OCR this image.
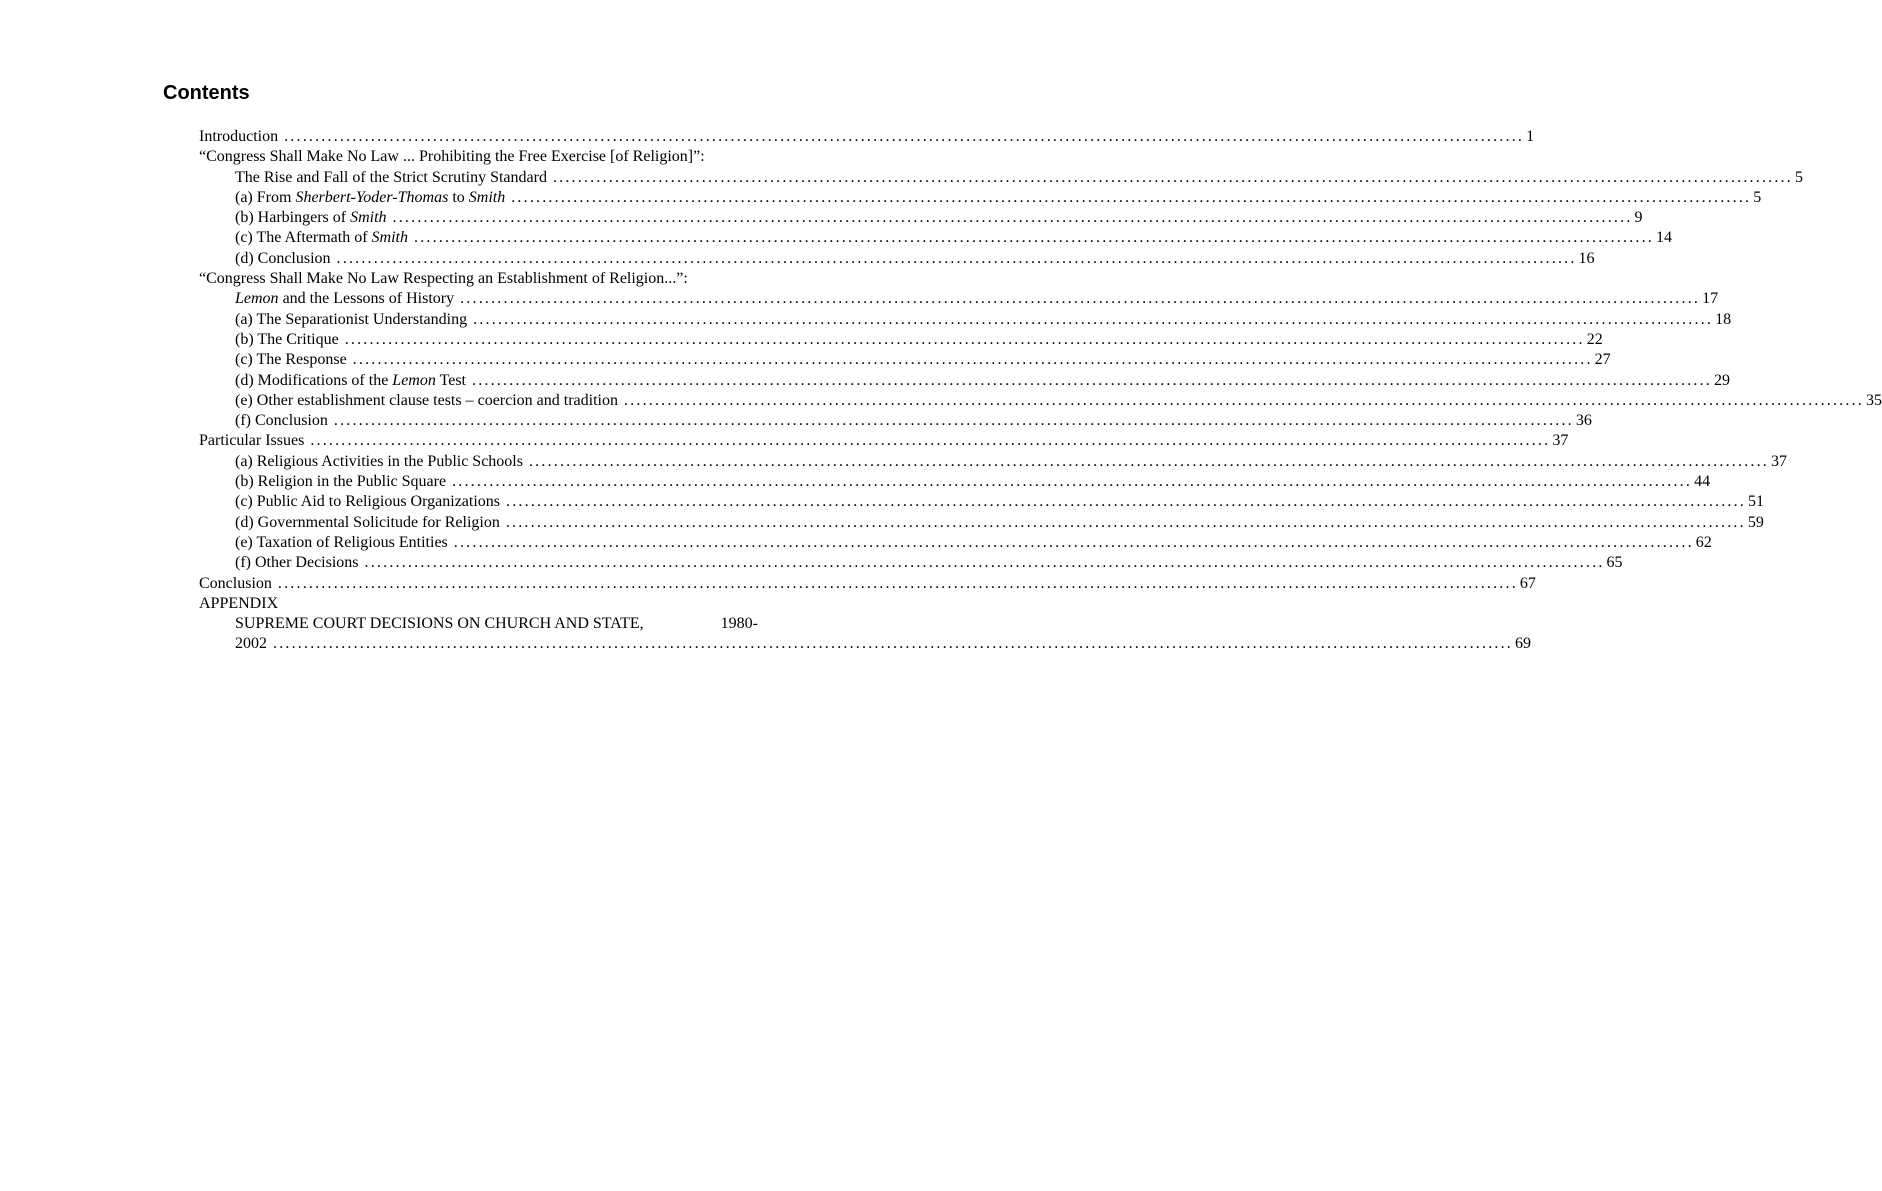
Contents
Introduction ........................................................................................................................................................................................................ 1
“Congress Shall Make No Law ... Prohibiting the Free Exercise [of Religion]”:
The Rise and Fall of the Strict Scrutiny Standard ........................................................................................................................................................................................................ 5
(a) From Sherbert-Yoder-Thomas to Smith ........................................................................................................................................................................................................ 5
(b) Harbingers of Smith ........................................................................................................................................................................................................ 9
(c) The Aftermath of Smith ........................................................................................................................................................................................................ 14
(d) Conclusion ........................................................................................................................................................................................................ 16
“Congress Shall Make No Law Respecting an Establishment of Religion...”:
Lemon and the Lessons of History ........................................................................................................................................................................................................ 17
(a) The Separationist Understanding ........................................................................................................................................................................................................ 18
(b) The Critique ........................................................................................................................................................................................................ 22
(c) The Response ........................................................................................................................................................................................................ 27
(d) Modifications of the Lemon Test ........................................................................................................................................................................................................ 29
(e) Other establishment clause tests – coercion and tradition ........................................................................................................................................................................................................ 35
(f) Conclusion ........................................................................................................................................................................................................ 36
Particular Issues ........................................................................................................................................................................................................ 37
(a) Religious Activities in the Public Schools ........................................................................................................................................................................................................ 37
(b) Religion in the Public Square ........................................................................................................................................................................................................ 44
(c) Public Aid to Religious Organizations ........................................................................................................................................................................................................ 51
(d) Governmental Solicitude for Religion ........................................................................................................................................................................................................ 59
(e) Taxation of Religious Entities ........................................................................................................................................................................................................ 62
(f) Other Decisions ........................................................................................................................................................................................................ 65
Conclusion ........................................................................................................................................................................................................ 67
APPENDIX
SUPREME COURT DECISIONS ON CHURCH AND STATE,	1980-
2002 ........................................................................................................................................................................................................ 69
